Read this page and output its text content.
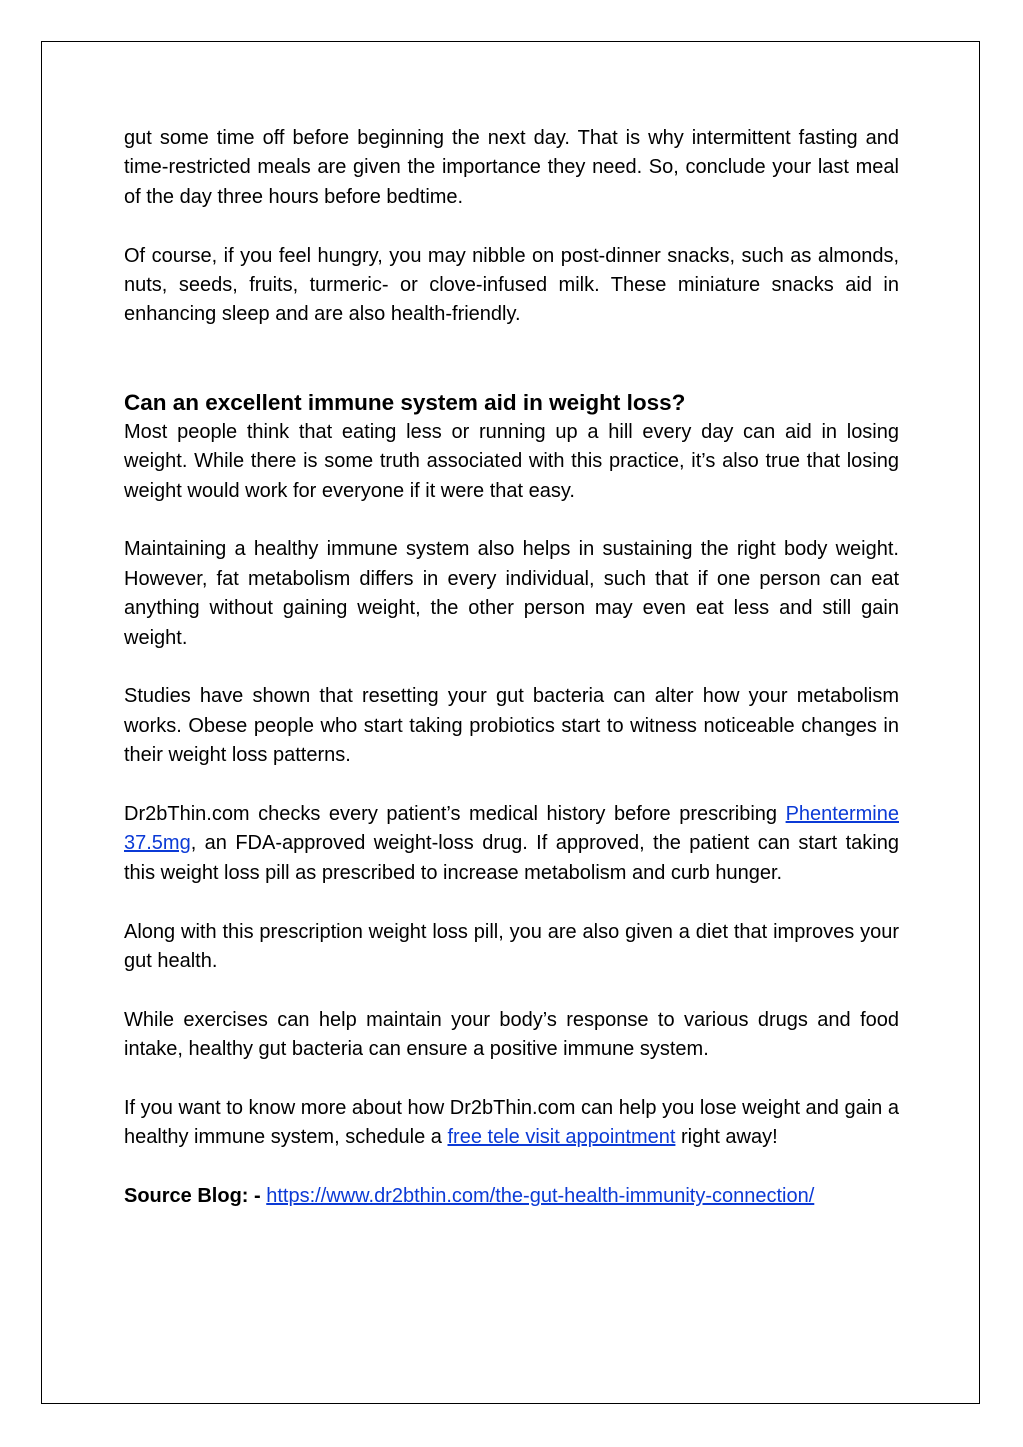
gut some time off before beginning the next day. That is why intermittent fasting and time-restricted meals are given the importance they need. So, conclude your last meal of the day three hours before bedtime.

Of course, if you feel hungry, you may nibble on post-dinner snacks, such as almonds, nuts, seeds, fruits, turmeric- or clove-infused milk. These miniature snacks aid in enhancing sleep and are also health-friendly.

Can an excellent immune system aid in weight loss?

Most people think that eating less or running up a hill every day can aid in losing weight. While there is some truth associated with this practice, it’s also true that losing weight would work for everyone if it were that easy.

Maintaining a healthy immune system also helps in sustaining the right body weight. However, fat metabolism differs in every individual, such that if one person can eat anything without gaining weight, the other person may even eat less and still gain weight.

Studies have shown that resetting your gut bacteria can alter how your metabolism works. Obese people who start taking probiotics start to witness noticeable changes in their weight loss patterns.

Dr2bThin.com checks every patient’s medical history before prescribing Phentermine 37.5mg, an FDA-approved weight-loss drug. If approved, the patient can start taking this weight loss pill as prescribed to increase metabolism and curb hunger.

Along with this prescription weight loss pill, you are also given a diet that improves your gut health.

While exercises can help maintain your body’s response to various drugs and food intake, healthy gut bacteria can ensure a positive immune system.

If you want to know more about how Dr2bThin.com can help you lose weight and gain a healthy immune system, schedule a free tele visit appointment right away!

Source Blog: - https://www.dr2bthin.com/the-gut-health-immunity-connection/
